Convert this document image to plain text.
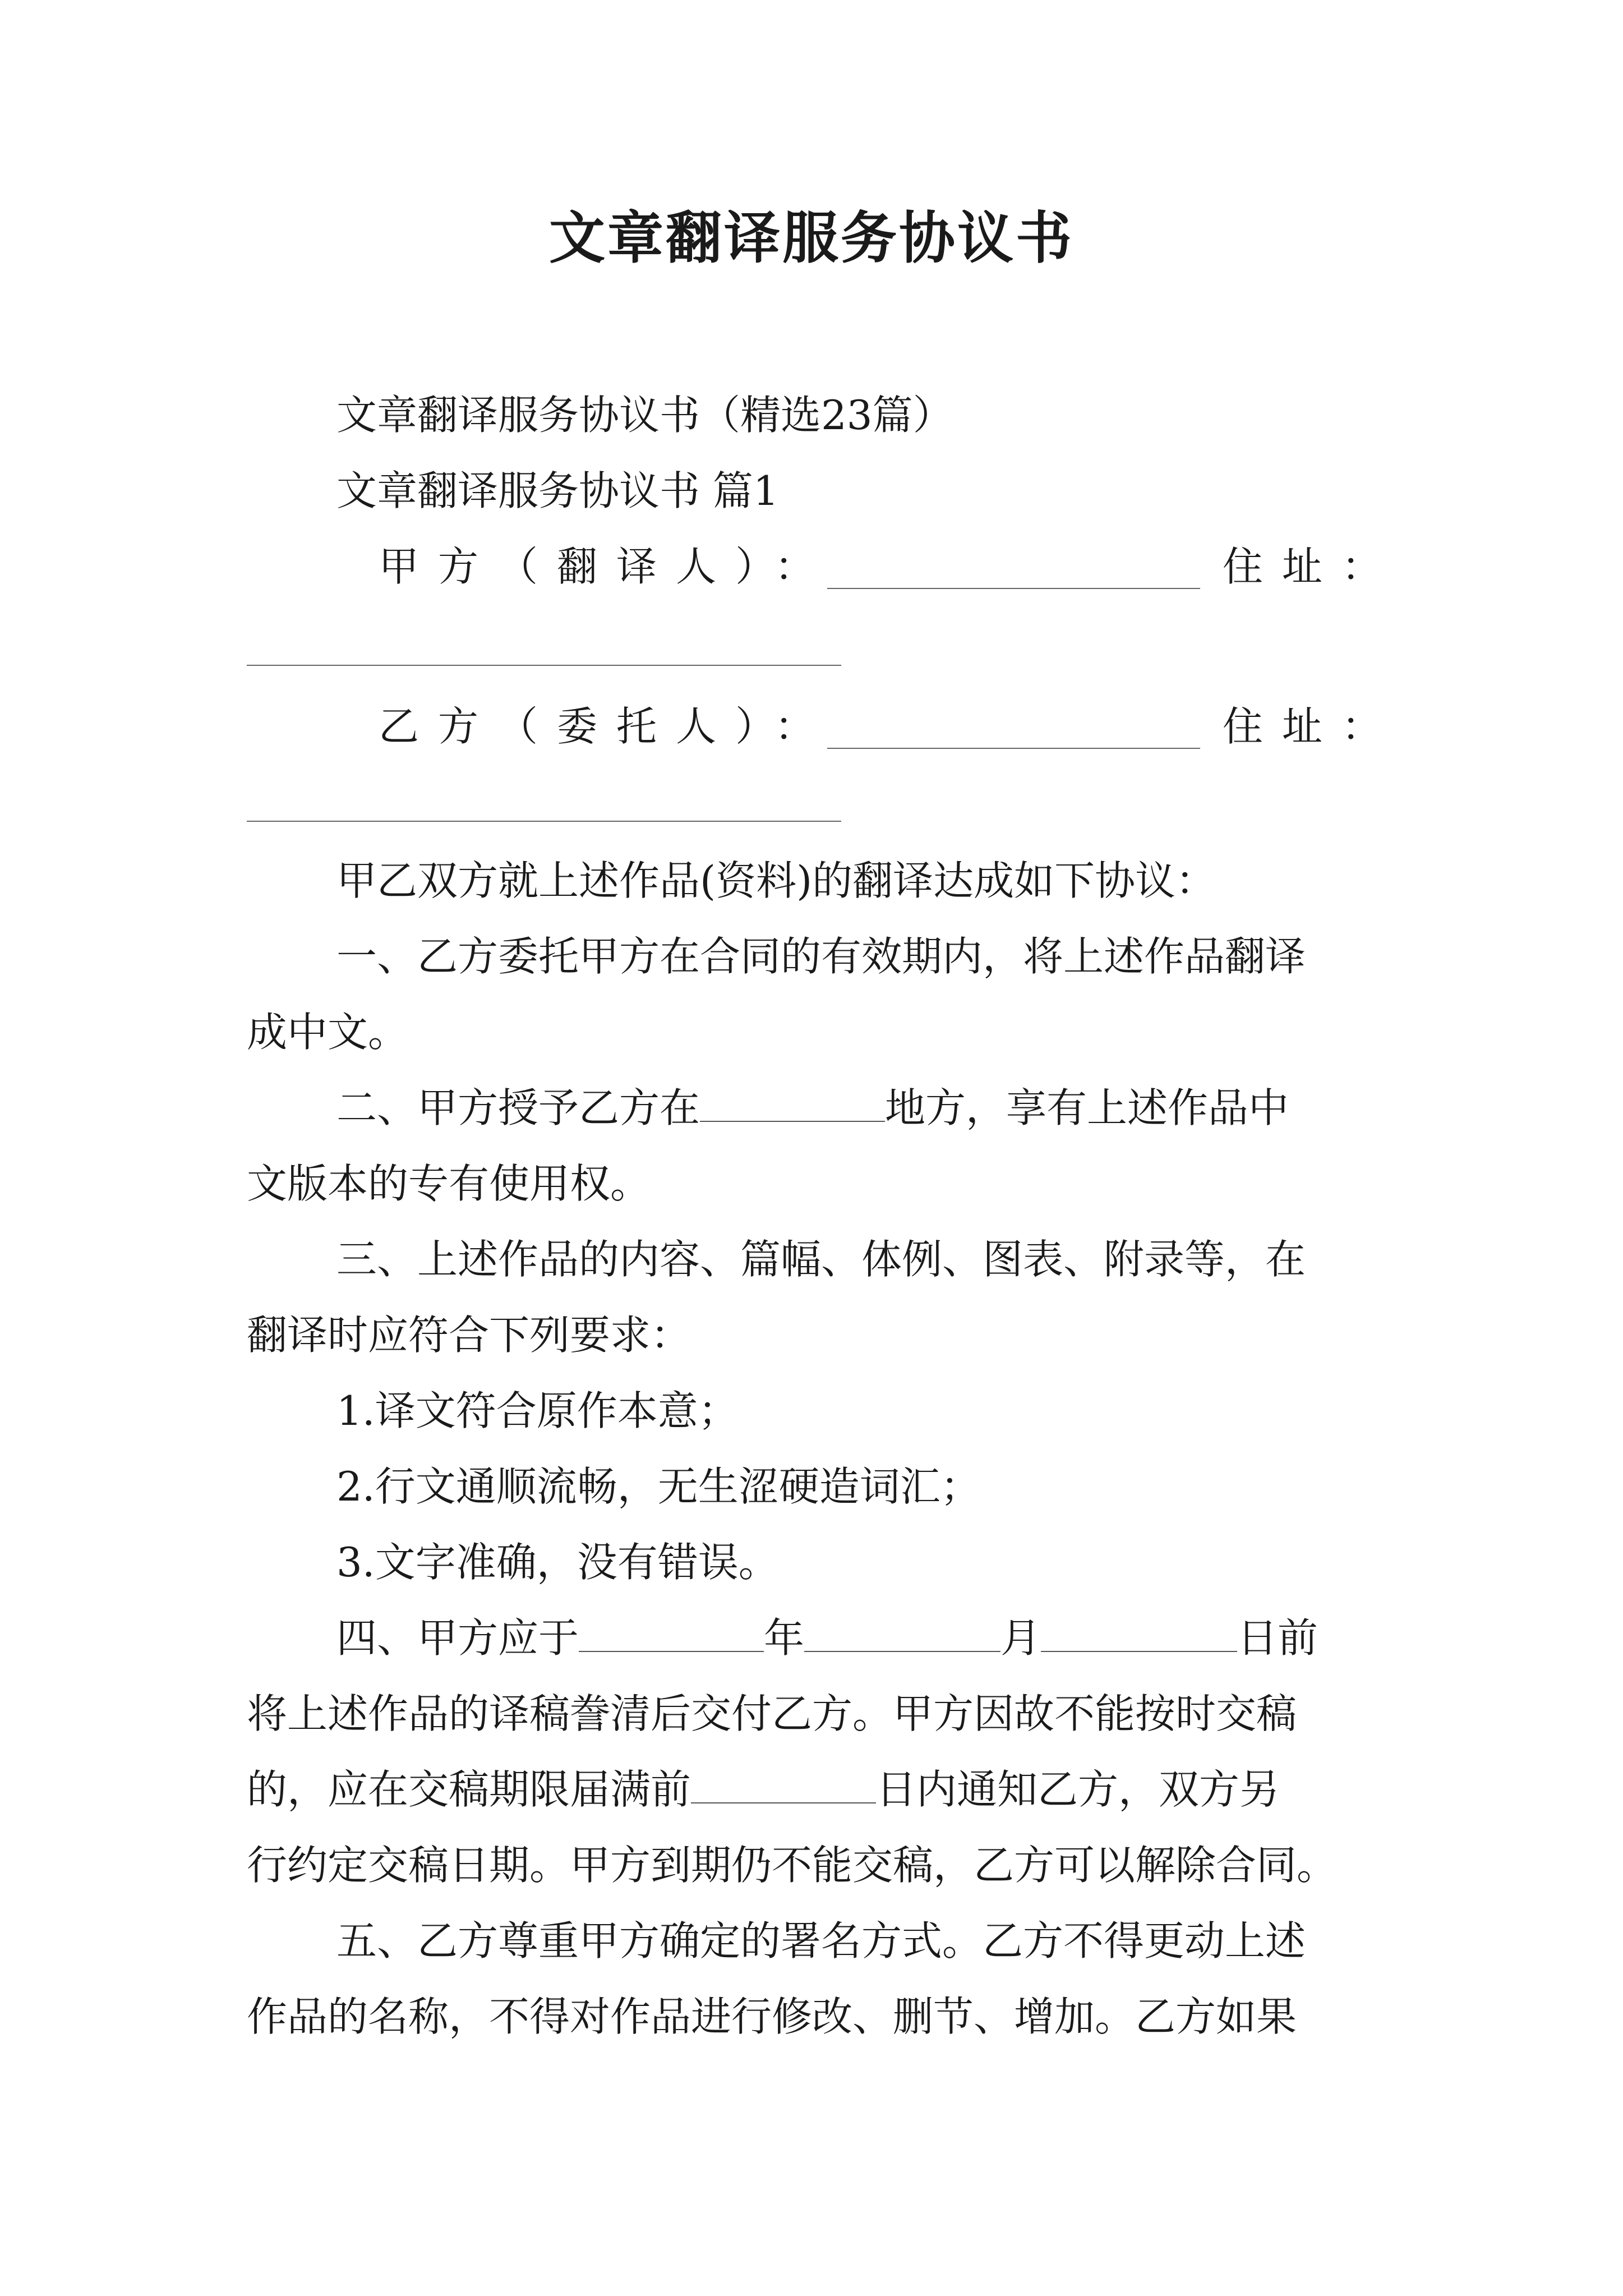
文章翻译服务协议书
文章翻译服务协议书（精选23篇）
文章翻译服务协议书 篇1
甲方（翻译人）：	住址：
乙方（委托人）：	住址：
甲乙双方就上述作品(资料)的翻译达成如下协议：
一、乙方委托甲方在合同的有效期内，将上述作品翻译
成中文。
二、甲方授予乙方在	地方，享有上述作品中
文版本的专有使用权。
三、上述作品的内容、篇幅、体例、图表、附录等，在
翻译时应符合下列要求：
1.译文符合原作本意；
2.行文通顺流畅，无生涩硬造词汇；
3.文字准确，没有错误。
四、甲方应于	年	月	日前
将上述作品的译稿誊清后交付乙方。甲方因故不能按时交稿
的，应在交稿期限届满前	日内通知乙方，双方另
行约定交稿日期。甲方到期仍不能交稿，乙方可以解除合同。
五、乙方尊重甲方确定的署名方式。乙方不得更动上述
作品的名称，不得对作品进行修改、删节、增加。乙方如果
